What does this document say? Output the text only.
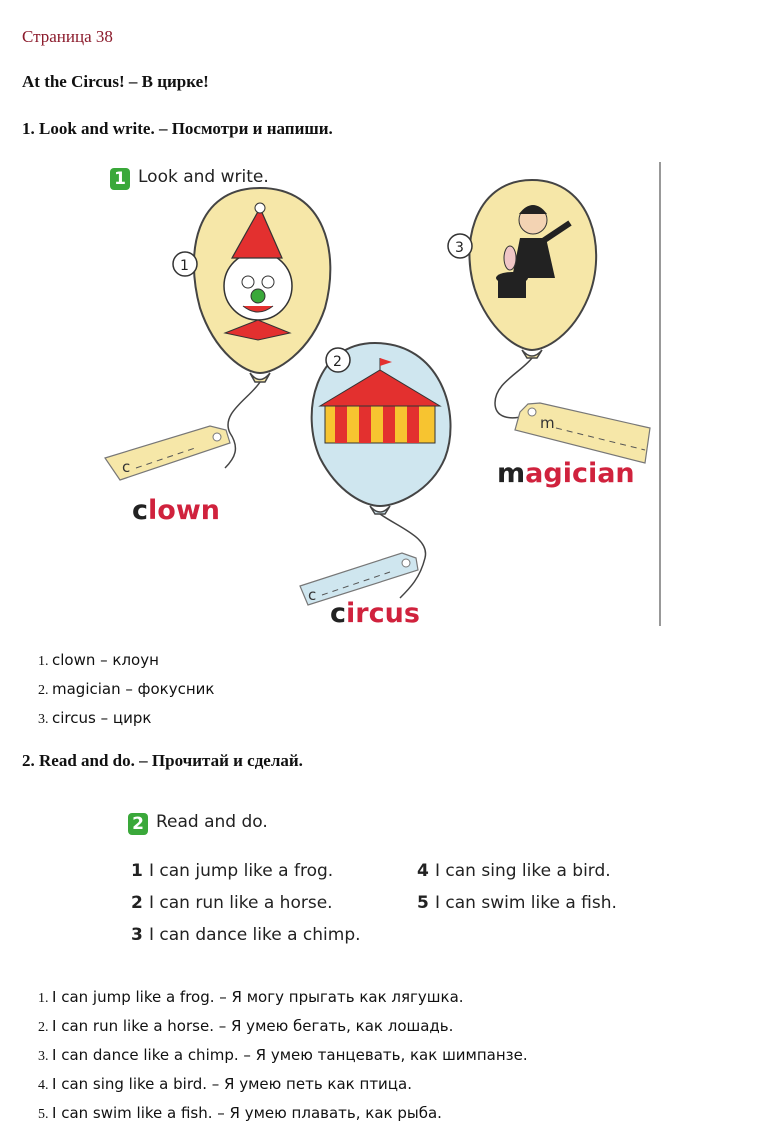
Страница 38
At the Circus! – В цирке!
1. Look and write. – Посмотри и напиши.
1 Look and write.
1
c
2
c
3
m
clown
circus
magician
1. clown – клоун
2. magician – фокусник
3. circus – цирк
2. Read and do. – Прочитай и сделай.
2 Read and do.
1 I can jump like a frog.
2 I can run like a horse.
3 I can dance like a chimp.
4 I can sing like a bird.
5 I can swim like a fish.
1. I can jump like a frog. – Я могу прыгать как лягушка.
2. I can run like a horse. – Я умею бегать, как лошадь.
3. I can dance like a chimp. – Я умею танцевать, как шимпанзе.
4. I can sing like a bird. – Я умею петь как птица.
5. I can swim like a fish. – Я умею плавать, как рыба.
